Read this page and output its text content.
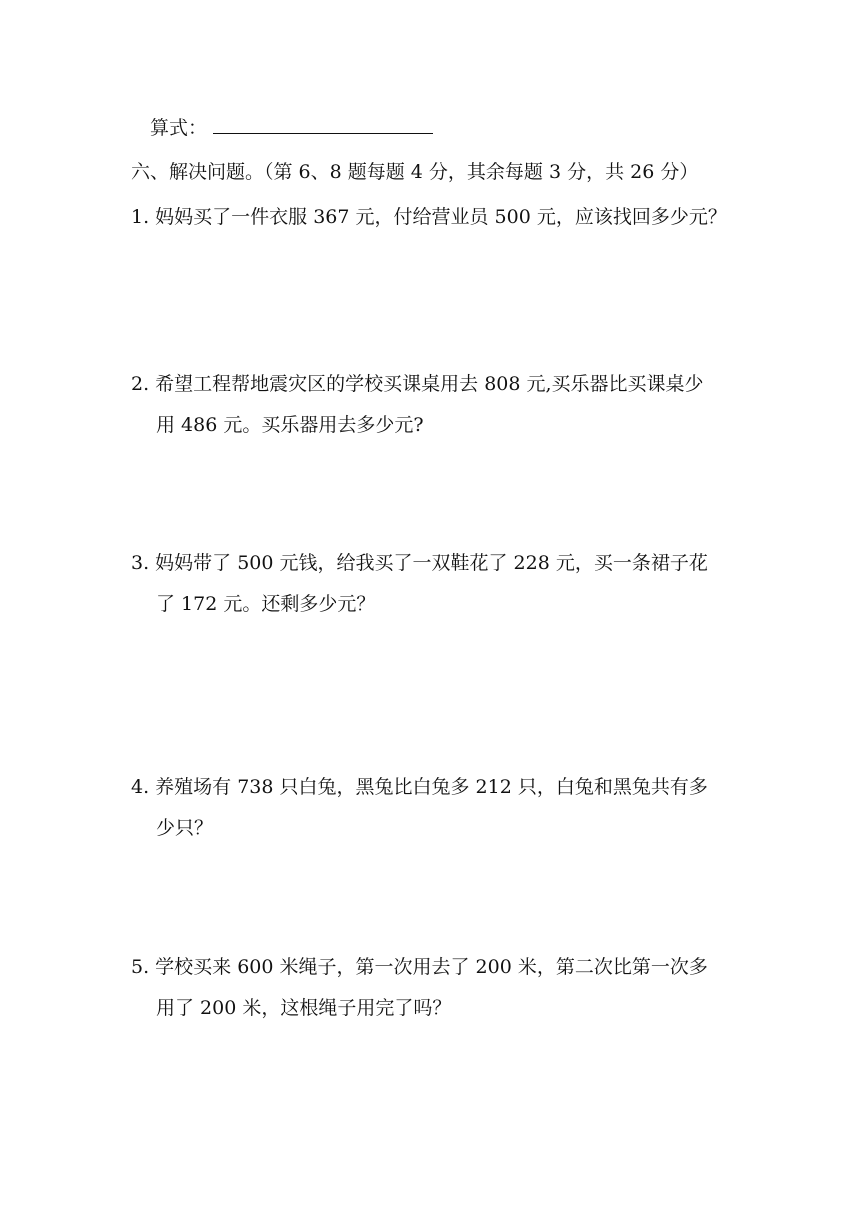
算式：
六、解决问题。（第 6、8 题每题 4 分，其余每题 3 分，共 26 分）
1. 妈妈买了一件衣服 367 元，付给营业员 500 元，应该找回多少元？
2. 希望工程帮地震灾区的学校买课桌用去 808 元,买乐器比买课桌少
用 486 元。买乐器用去多少元?
3. 妈妈带了 500 元钱，给我买了一双鞋花了 228 元，买一条裙子花
了 172 元。还剩多少元？
4. 养殖场有 738 只白兔，黑兔比白兔多 212 只，白兔和黑兔共有多
少只？
5. 学校买来 600 米绳子，第一次用去了 200 米，第二次比第一次多
用了 200 米，这根绳子用完了吗？
